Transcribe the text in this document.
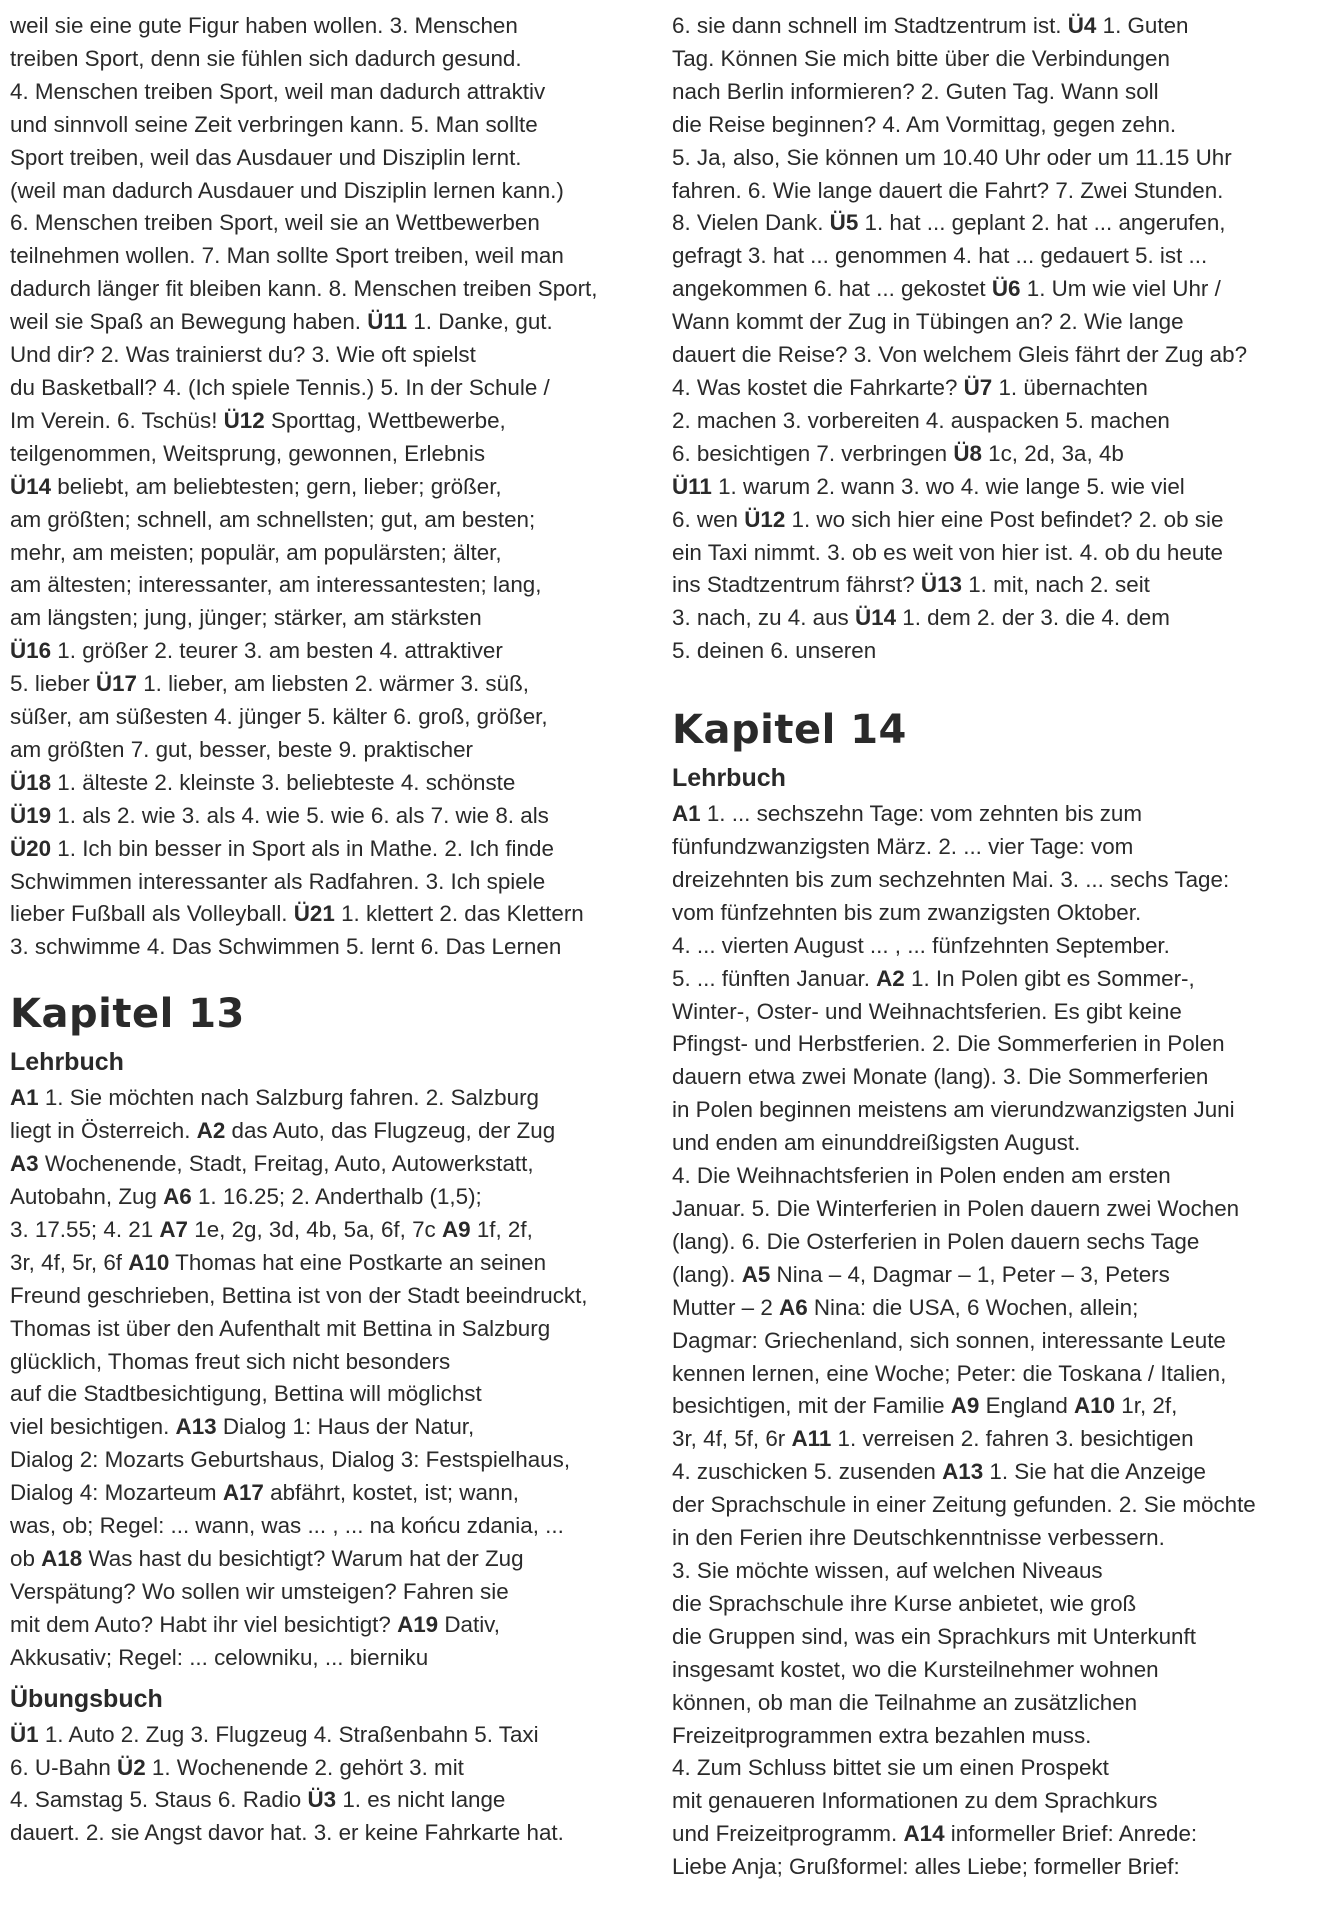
weil sie eine gute Figur haben wollen. 3. Menschen

treiben Sport, denn sie fühlen sich dadurch gesund.

4. Menschen treiben Sport, weil man dadurch attraktiv

und sinnvoll seine Zeit verbringen kann. 5. Man sollte

Sport treiben, weil das Ausdauer und Disziplin lernt.

(weil man dadurch Ausdauer und Disziplin lernen kann.)

6. Menschen treiben Sport, weil sie an Wettbewerben

teilnehmen wollen. 7. Man sollte Sport treiben, weil man

dadurch länger fit bleiben kann. 8. Menschen treiben Sport,

weil sie Spaß an Bewegung haben. Ü11 1. Danke, gut.

Und dir? 2. Was trainierst du? 3. Wie oft spielst

du Basketball? 4. (Ich spiele Tennis.) 5. In der Schule /

Im Verein. 6. Tschüs! Ü12 Sporttag, Wettbewerbe,

teilgenommen, Weitsprung, gewonnen, Erlebnis

Ü14 beliebt, am beliebtesten; gern, lieber; größer,

am größten; schnell, am schnellsten; gut, am besten;

mehr, am meisten; populär, am populärsten; älter,

am ältesten; interessanter, am interessantesten; lang,

am längsten; jung, jünger; stärker, am stärksten

Ü16 1. größer 2. teurer 3. am besten 4. attraktiver

5. lieber Ü17 1. lieber, am liebsten 2. wärmer 3. süß,

süßer, am süßesten 4. jünger 5. kälter 6. groß, größer,

am größten 7. gut, besser, beste 9. praktischer

Ü18 1. älteste 2. kleinste 3. beliebteste 4. schönste

Ü19 1. als 2. wie 3. als 4. wie 5. wie 6. als 7. wie 8. als

Ü20 1. Ich bin besser in Sport als in Mathe. 2. Ich finde

Schwimmen interessanter als Radfahren. 3. Ich spiele

lieber Fußball als Volleyball. Ü21 1. klettert 2. das Klettern

3. schwimme 4. Das Schwimmen 5. lernt 6. Das Lernen

Kapitel 13
Lehrbuch

A1 1. Sie möchten nach Salzburg fahren. 2. Salzburg

liegt in Österreich. A2 das Auto, das Flugzeug, der Zug

A3 Wochenende, Stadt, Freitag, Auto, Autowerkstatt,

Autobahn, Zug A6 1. 16.25; 2. Anderthalb (1,5);

3. 17.55; 4. 21 A7 1e, 2g, 3d, 4b, 5a, 6f, 7c A9 1f, 2f,

3r, 4f, 5r, 6f A10 Thomas hat eine Postkarte an seinen

Freund geschrieben, Bettina ist von der Stadt beeindruckt,

Thomas ist über den Aufenthalt mit Bettina in Salzburg

glücklich, Thomas freut sich nicht besonders

auf die Stadtbesichtigung, Bettina will möglichst

viel besichtigen. A13 Dialog 1: Haus der Natur,

Dialog 2: Mozarts Geburtshaus, Dialog 3: Festspielhaus,

Dialog 4: Mozarteum A17 abfährt, kostet, ist; wann,

was, ob; Regel: ... wann, was ... , ... na końcu zdania, ...

ob A18 Was hast du besichtigt? Warum hat der Zug

Verspätung? Wo sollen wir umsteigen? Fahren sie

mit dem Auto? Habt ihr viel besichtigt? A19 Dativ,

Akkusativ; Regel: ... celowniku, ... bierniku

Übungsbuch

Ü1 1. Auto 2. Zug 3. Flugzeug 4. Straßenbahn 5. Taxi

6. U-Bahn Ü2 1. Wochenende 2. gehört 3. mit

4. Samstag 5. Staus 6. Radio Ü3 1. es nicht lange

dauert. 2. sie Angst davor hat. 3. er keine Fahrkarte hat.

6. sie dann schnell im Stadtzentrum ist. Ü4 1. Guten

Tag. Können Sie mich bitte über die Verbindungen

nach Berlin informieren? 2. Guten Tag. Wann soll

die Reise beginnen? 4. Am Vormittag, gegen zehn.

5. Ja, also, Sie können um 10.40 Uhr oder um 11.15 Uhr

fahren. 6. Wie lange dauert die Fahrt? 7. Zwei Stunden.

8. Vielen Dank. Ü5 1. hat ... geplant 2. hat ... angerufen,

gefragt 3. hat ... genommen 4. hat ... gedauert 5. ist ...

angekommen 6. hat ... gekostet Ü6 1. Um wie viel Uhr /

Wann kommt der Zug in Tübingen an? 2. Wie lange

dauert die Reise? 3. Von welchem Gleis fährt der Zug ab?

4. Was kostet die Fahrkarte? Ü7 1. übernachten

2. machen 3. vorbereiten 4. auspacken 5. machen

6. besichtigen 7. verbringen Ü8 1c, 2d, 3a, 4b

Ü11 1. warum 2. wann 3. wo 4. wie lange 5. wie viel

6. wen Ü12 1. wo sich hier eine Post befindet? 2. ob sie

ein Taxi nimmt. 3. ob es weit von hier ist. 4. ob du heute

ins Stadtzentrum fährst? Ü13 1. mit, nach 2. seit

3. nach, zu 4. aus Ü14 1. dem 2. der 3. die 4. dem

5. deinen 6. unseren

Kapitel 14
Lehrbuch

A1 1. ... sechszehn Tage: vom zehnten bis zum

fünfundzwanzigsten März. 2. ... vier Tage: vom

dreizehnten bis zum sechzehnten Mai. 3. ... sechs Tage:

vom fünfzehnten bis zum zwanzigsten Oktober.

4. ... vierten August ... , ... fünfzehnten September.

5. ... fünften Januar. A2 1. In Polen gibt es Sommer-,

Winter-, Oster- und Weihnachtsferien. Es gibt keine

Pfingst- und Herbstferien. 2. Die Sommerferien in Polen

dauern etwa zwei Monate (lang). 3. Die Sommerferien

in Polen beginnen meistens am vierundzwanzigsten Juni

und enden am einunddreißigsten August.

4. Die Weihnachtsferien in Polen enden am ersten

Januar. 5. Die Winterferien in Polen dauern zwei Wochen

(lang). 6. Die Osterferien in Polen dauern sechs Tage

(lang). A5 Nina – 4, Dagmar – 1, Peter – 3, Peters

Mutter – 2 A6 Nina: die USA, 6 Wochen, allein;

Dagmar: Griechenland, sich sonnen, interessante Leute

kennen lernen, eine Woche; Peter: die Toskana / Italien,

besichtigen, mit der Familie A9 England A10 1r, 2f,

3r, 4f, 5f, 6r A11 1. verreisen 2. fahren 3. besichtigen

4. zuschicken 5. zusenden A13 1. Sie hat die Anzeige

der Sprachschule in einer Zeitung gefunden. 2. Sie möchte

in den Ferien ihre Deutschkenntnisse verbessern.

3. Sie möchte wissen, auf welchen Niveaus

die Sprachschule ihre Kurse anbietet, wie groß

die Gruppen sind, was ein Sprachkurs mit Unterkunft

insgesamt kostet, wo die Kursteilnehmer wohnen

können, ob man die Teilnahme an zusätzlichen

Freizeitprogrammen extra bezahlen muss.

4. Zum Schluss bittet sie um einen Prospekt

mit genaueren Informationen zu dem Sprachkurs

und Freizeitprogramm. A14 informeller Brief: Anrede:

Liebe Anja; Grußformel: alles Liebe; formeller Brief:
